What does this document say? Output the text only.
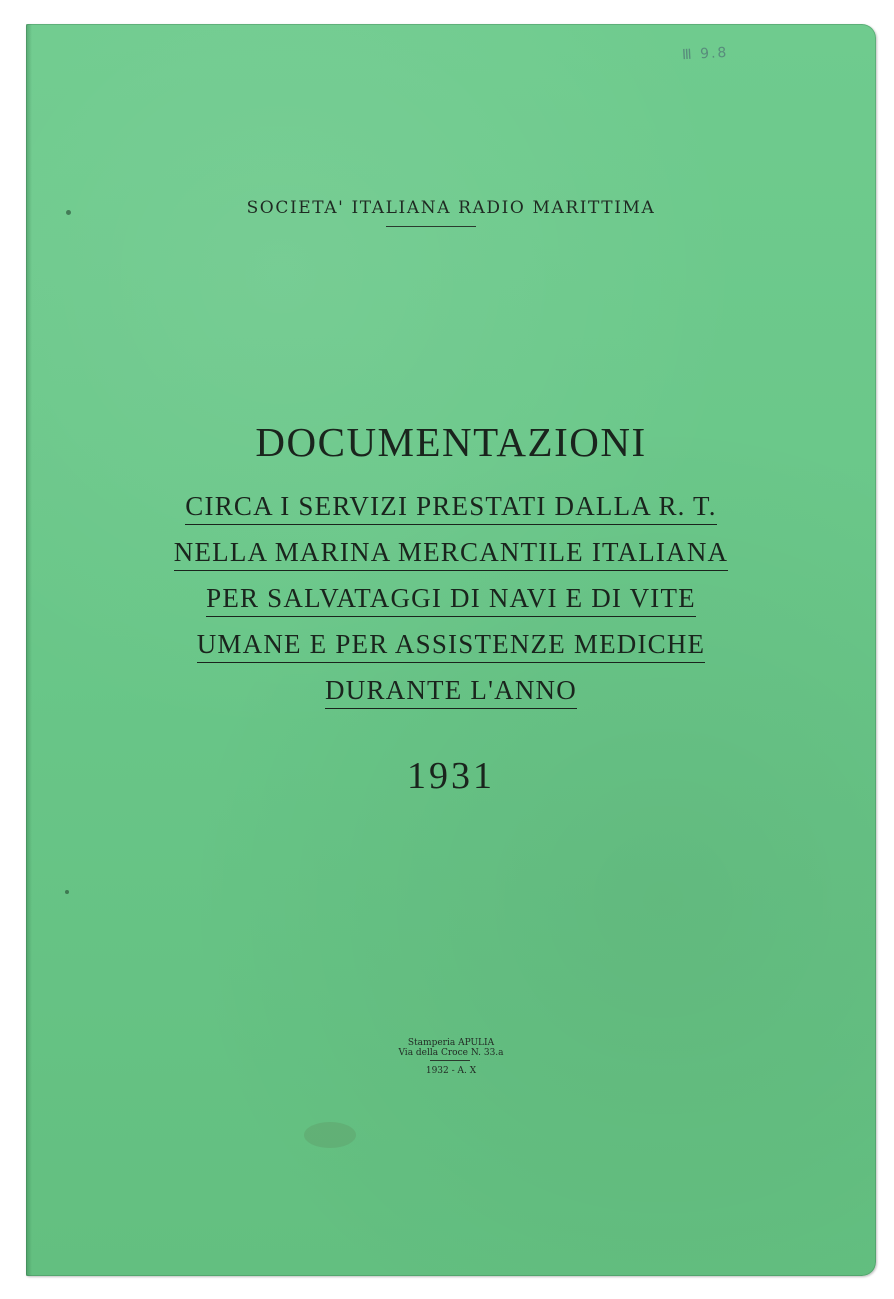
Ⅲ 9.8
SOCIETA' ITALIANA RADIO MARITTIMA
DOCUMENTAZIONI
CIRCA I SERVIZI PRESTATI DALLA R. T.
NELLA MARINA MERCANTILE ITALIANA
PER SALVATAGGI DI NAVI E DI VITE
UMANE E PER ASSISTENZE MEDICHE
DURANTE L'ANNO
1931
Stamperia APULIA
Via della Croce N. 33.a
1932 - A. X
